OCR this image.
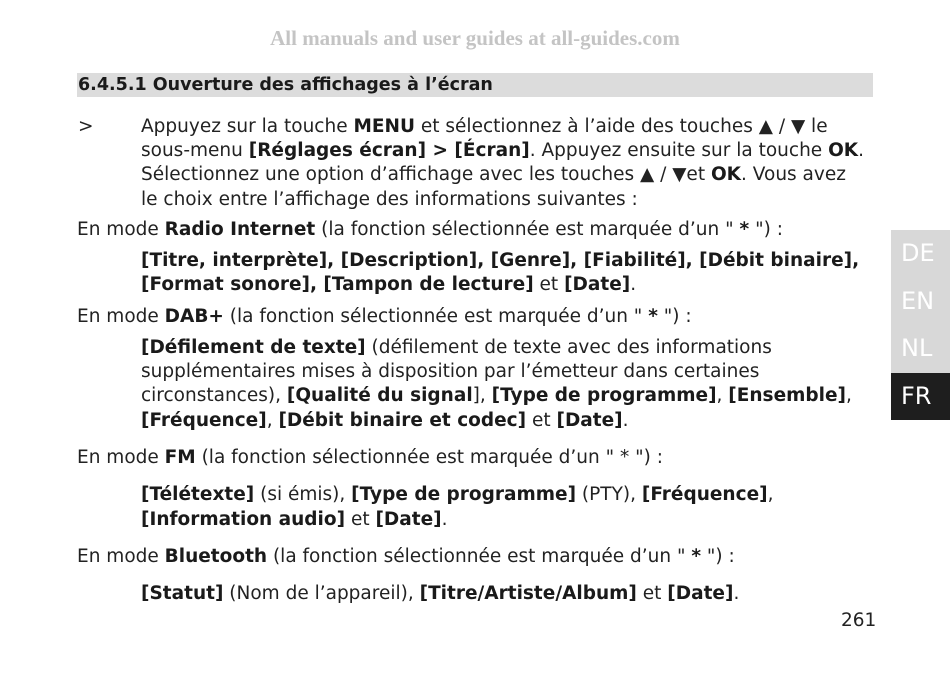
All manuals and user guides at all-guides.com
6.4.5.1 Ouverture des affichages à l’écran
>	Appuyez sur la touche MENU et sélectionnez à l’aide des touches ▲ / ▼ le
sous-menu [Réglages écran] > [Écran]. Appuyez ensuite sur la touche OK.
Sélectionnez une option d’affichage avec les touches ▲ / ▼et OK. Vous avez
le choix entre l’affichage des informations suivantes :
En mode Radio Internet (la fonction sélectionnée est marquée d’un " * ") :
[Titre, interprète], [Description], [Genre], [Fiabilité], [Débit binaire],
[Format sonore], [Tampon de lecture] et [Date].
En mode DAB+ (la fonction sélectionnée est marquée d’un " * ") :
[Défilement de texte] (défilement de texte avec des informations
supplémentaires mises à disposition par l’émetteur dans certaines
circonstances), [Qualité du signal], [Type de programme], [Ensemble],
[Fréquence], [Débit binaire et codec] et [Date].
En mode FM (la fonction sélectionnée est marquée d’un " * ") :
[Télétexte] (si émis), [Type de programme] (PTY), [Fréquence],
[Information audio] et [Date].
En mode Bluetooth (la fonction sélectionnée est marquée d’un " * ") :
[Statut] (Nom de l’appareil), [Titre/Artiste/Album] et [Date].
DE
EN
NL
FR
261
